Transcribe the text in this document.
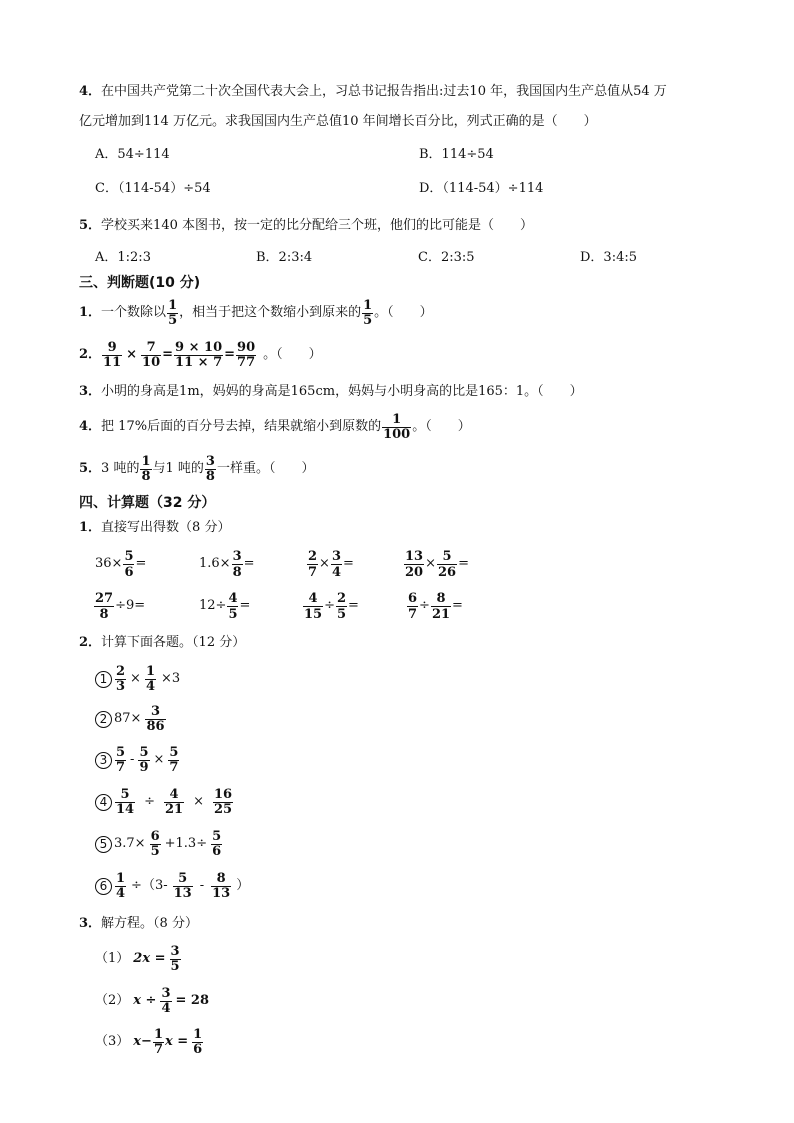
4．在中国共产党第二十次全国代表大会上，习总书记报告指出:过去10 年，我国国内生产总值从54 万
亿元增加到114 万亿元。求我国国内生产总值10 年间增长百分比，列式正确的是（　　）
A．54÷114	B．114÷54
C．（114-54）÷54	D．（114-54）÷114
5．学校买来140 本图书，按一定的比分配给三个班，他们的比可能是（　　）
A．1:2:3	B．2:3:4	C．2:3:5	D．3:4:5
三、判断题(10 分)
1． 一个数除以 $\frac{1}{5}$ ，相当于把这个数缩小到原来的 $\frac{1}{5}$ 。（　　）
2． $\frac{9}{11} \times \frac{7}{10} = \frac{9 \times 10}{11 \times 7} = \frac{90}{77}$ 。（　　）
3．小明的身高是1m，妈妈的身高是165cm，妈妈与小明身高的比是165：1。（　　）
4． 把 17%后面的百分号去掉，结果就缩小到原数的 $\frac{1}{100}$ 。（　　）
5． 3 吨的 $\frac{1}{8}$ 与1 吨的 $\frac{3}{8}$ 一样重。（　　）
四、计算题（32 分）
1．直接写出得数（8 分）
$36\times \frac{5}{6}$ =	$1.6\times \frac{3}{8}$ =	$\frac{2}{7} \times \frac{3}{4}$ =	$\frac{13}{20} \times \frac{5}{26}$ =
$\frac{27}{8} \div 9=$	$12\div \frac{4}{5}$ =	$\frac{4}{15} \div \frac{2}{5}$ =	$\frac{6}{7} \div \frac{8}{21}$ =
2．计算下面各题。（12 分）
$1 \frac{2}{3} \times \frac{1}{4} \times 3$
2 $87\times \frac{3}{86}$
$3 \frac{5}{7} - \frac{5}{9} \times \frac{5}{7}$
$4 \frac{5}{14} \div \frac{4}{21} \times \frac{16}{25}$
5 $3.7\times \frac{6}{5} +1.3\div \frac{5}{6}$
$6 \frac{1}{4} \div(3- \frac{5}{13} - \frac{8}{13}$ ）
3．解方程。（8 分）
（1） $2x = \frac{3}{5}$
（2） $x \div \frac{3}{4} = 28$
（3） $x- \frac{1}{7}$ $x = \frac{1}{6}$
